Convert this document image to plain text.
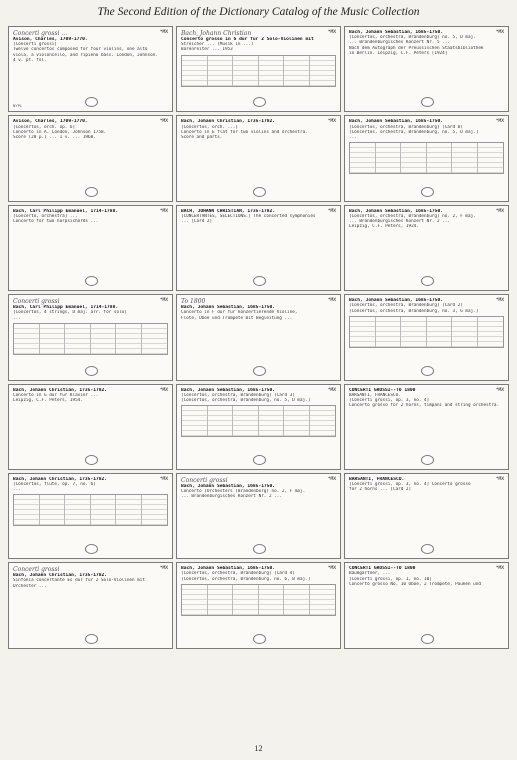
The Second Edition of the Dictionary Catalog of the Music Collection
*MX
Concerti grossi ...
Avison, Charles, 1709-1770.
[Concerti grossi]
Twelve concertos composed for four violins, one alto
viola, a violoncello, and ripieno bass. London, Johnson.
4 v. pt. fol.
NYPL
*MX
Bach, Johann Christian
Concerto grosso in G dur für 2 Solo-Violinen mit
Streicher ... (Musik in ...)
Bärenreiter ... 1953
*MX
Bach, Johann Sebastian, 1685-1750.
[Concertos, orchestra, Brandenburg] no. 5, D maj.
... Brandenburgisches Konzert Nr. 5 ...
Nach dem Autograph der Preussischen Staatsbibliothek
in Berlin. Leipzig, C.F. Peters [1924]
*MX
Avison, Charles, 1709-1770.
[Concertos, orch. op. 6]
Concerto in A. London, Johnson 1758.
Score (20 p.) ... 1 v. ... 1968.
*MX
Bach, Johann Christian, 1735-1782.
[Concertos, orch. ...]
Concerto in E flat for two violins and orchestra.
Score and parts.
*MX
Bach, Johann Sebastian, 1685-1750.
[Concertos, orchestra, Brandenburg] (Card 8)
[Concertos, orchestra, Brandenburg, no. 5, D maj.]
...
*MX
Bach, Carl Philipp Emanuel, 1714-1788.
[Concerto, orchestra] ...
Concerto for two harpsichords ...
*MX
BACH, JOHANN CHRISTIAN, 1735-1782.
[CONCERTANTES, SELECTIONS.] The concerted symphonies
... [Card 2]
*MX
Bach, Johann Sebastian, 1685-1750.
[Concertos, orchestra, Brandenburg] no. 2, F maj.
... Brandenburgisches Konzert Nr. 2 ...
Leipzig, C.F. Peters, 1924.
*MX
Concerti grossi
Bach, Carl Philipp Emanuel, 1714-1788.
[Concertos, 4 strings, D maj. arr. for solo]
...
*MX
To 1800
Bach, Johann Sebastian, 1685-1750.
Concerto in F dur für konzertierende Violine,
Flöte, Oboe und Trompete mit Begleitung ...
*MX
Bach, Johann Sebastian, 1685-1750.
[Concertos, orchestra, Brandenburg] (Card 2)
[Concertos, orchestra, Brandenburg, no. 3, G maj.]
*MX
Bach, Johann Christian, 1735-1782.
Concerto in G dur für Klavier ...
Leipzig, C.F. Peters, 1954.
*MX
Bach, Johann Sebastian, 1685-1750.
[Concertos, orchestra, Brandenburg] (Card 3)
[Concertos, orchestra, Brandenburg, no. 5, D maj.]
*MX
CONCERTI GROSSI--TO 1800
BARSANTI, FRANCESCO.
[Concerti grossi, op. 3, no. 4]
Concerto grosso for 2 horns, timpani and string orchestra.
*MX
Bach, Johann Christian, 1735-1782.
[Concertos, flute, op. 7, no. 6]
...
*MX
Concerti grossi
Bach, Johann Sebastian, 1685-1750.
Concerto (Orchesters (Brandenburg) no. 2, F maj.
... Brandenburgisches Konzert Nr. 2 ...
*MX
BARSANTI, FRANCESCO.
[Concerti grossi, op. 3, no. 4] Concerto grosso
for 2 horns ... [Card 2]
*MX
Concerti grossi
Bach, Johann Christian, 1735-1782.
Sinfonia concertante Es dur für 2 Solo-Violinen mit
Orchester ...
*MX
Bach, Johann Sebastian, 1685-1750.
[Concertos, orchestra, Brandenburg] (Card 4)
[Concertos, orchestra, Brandenburg, no. 6, B maj.]
*MX
CONCERTI GROSSI--TO 1800
Baumgartner, ...
[Concerti grossi, op. 1, no. 10]
Concerto grosso No. 10 Oboe, 2 Trompete, Pauken und
12
